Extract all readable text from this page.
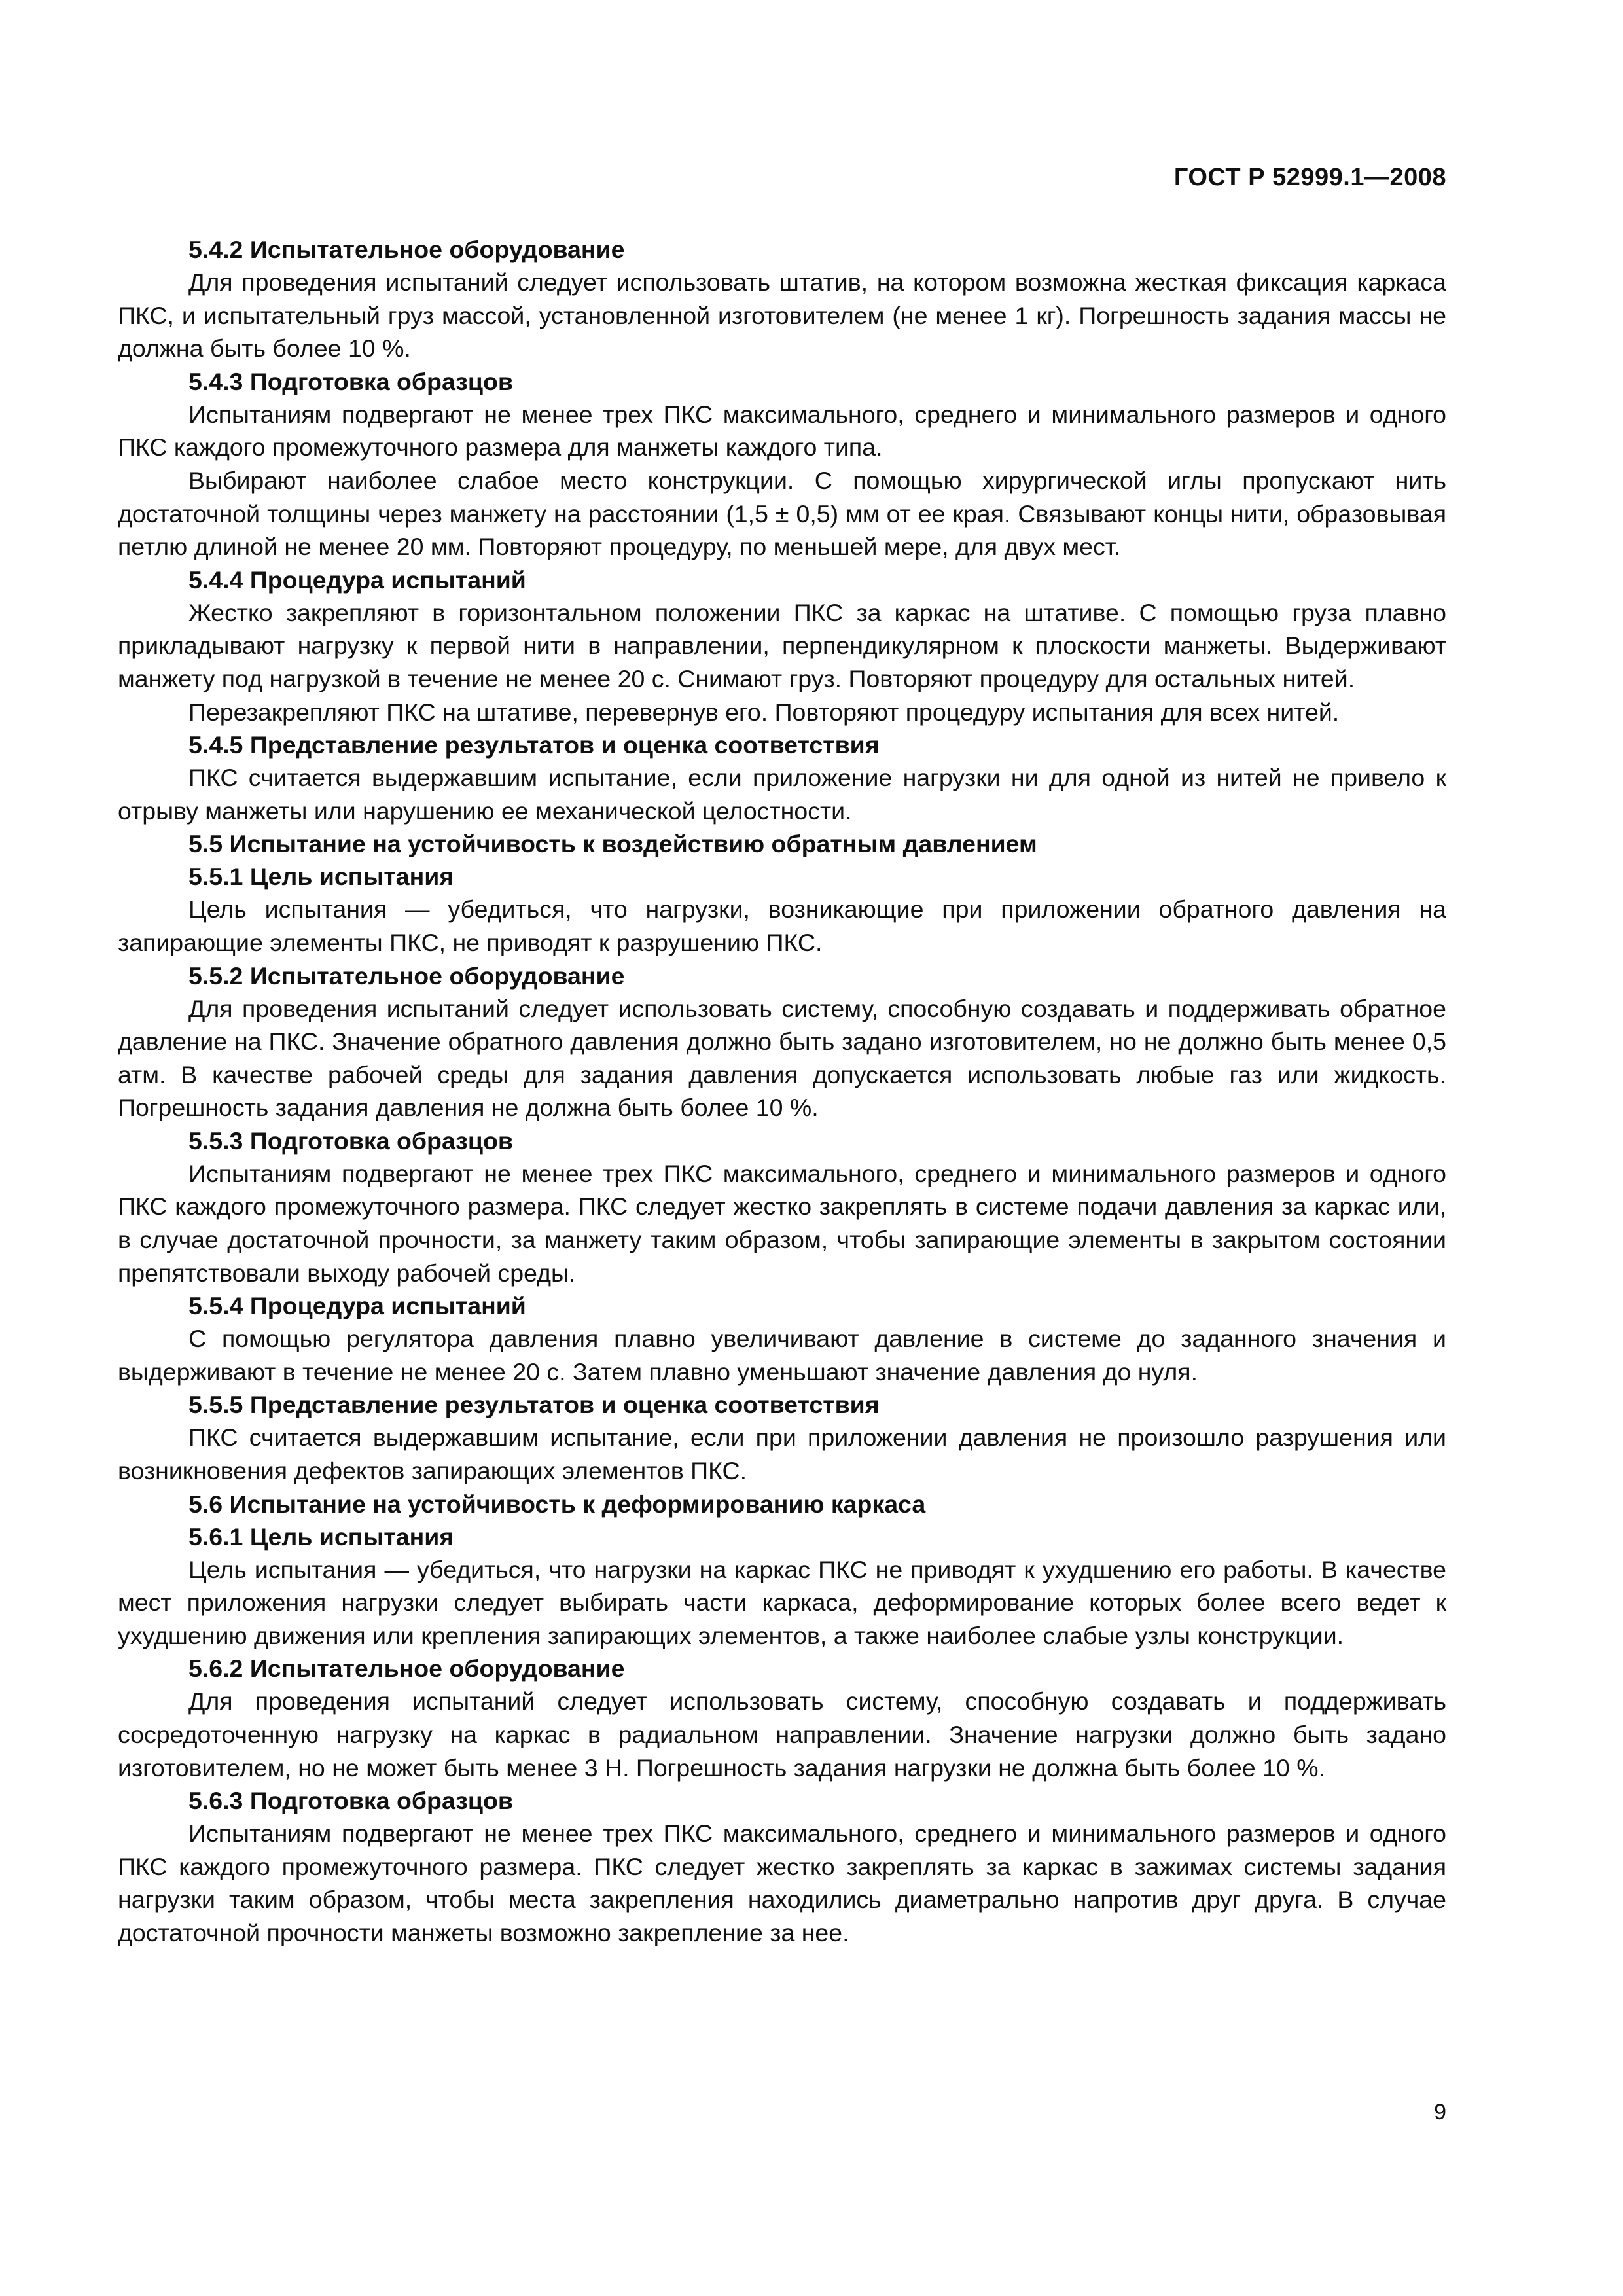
ГОСТ Р 52999.1—2008

5.4.2 Испытательное оборудование

Для проведения испытаний следует использовать штатив, на котором возможна жесткая фиксация каркаса ПКС, и испытательный груз массой, установленной изготовителем (не менее 1 кг). Погрешность задания массы не должна быть более 10 %.

5.4.3 Подготовка образцов

Испытаниям подвергают не менее трех ПКС максимального, среднего и минимального размеров и одного ПКС каждого промежуточного размера для манжеты каждого типа.

Выбирают наиболее слабое место конструкции. С помощью хирургической иглы пропускают нить достаточной толщины через манжету на расстоянии (1,5 ± 0,5) мм от ее края. Связывают концы нити, образовывая петлю длиной не менее 20 мм. Повторяют процедуру, по меньшей мере, для двух мест.

5.4.4 Процедура испытаний

Жестко закрепляют в горизонтальном положении ПКС за каркас на штативе. С помощью груза плавно прикладывают нагрузку к первой нити в направлении, перпендикулярном к плоскости манжеты. Выдерживают манжету под нагрузкой в течение не менее 20 с. Снимают груз. Повторяют процедуру для остальных нитей.

Перезакрепляют ПКС на штативе, перевернув его. Повторяют процедуру испытания для всех нитей.

5.4.5 Представление результатов и оценка соответствия

ПКС считается выдержавшим испытание, если приложение нагрузки ни для одной из нитей не привело к отрыву манжеты или нарушению ее механической целостности.

5.5 Испытание на устойчивость к воздействию обратным давлением

5.5.1 Цель испытания

Цель испытания — убедиться, что нагрузки, возникающие при приложении обратного давления на запирающие элементы ПКС, не приводят к разрушению ПКС.

5.5.2 Испытательное оборудование

Для проведения испытаний следует использовать систему, способную создавать и поддерживать обратное давление на ПКС. Значение обратного давления должно быть задано изготовителем, но не должно быть менее 0,5 атм. В качестве рабочей среды для задания давления допускается использовать любые газ или жидкость. Погрешность задания давления не должна быть более 10 %.

5.5.3 Подготовка образцов

Испытаниям подвергают не менее трех ПКС максимального, среднего и минимального размеров и одного ПКС каждого промежуточного размера. ПКС следует жестко закреплять в системе подачи давления за каркас или, в случае достаточной прочности, за манжету таким образом, чтобы запирающие элементы в закрытом состоянии препятствовали выходу рабочей среды.

5.5.4 Процедура испытаний

С помощью регулятора давления плавно увеличивают давление в системе до заданного значения и выдерживают в течение не менее 20 с. Затем плавно уменьшают значение давления до нуля.

5.5.5 Представление результатов и оценка соответствия

ПКС считается выдержавшим испытание, если при приложении давления не произошло разрушения или возникновения дефектов запирающих элементов ПКС.

5.6 Испытание на устойчивость к деформированию каркаса

5.6.1 Цель испытания

Цель испытания — убедиться, что нагрузки на каркас ПКС не приводят к ухудшению его работы. В качестве мест приложения нагрузки следует выбирать части каркаса, деформирование которых более всего ведет к ухудшению движения или крепления запирающих элементов, а также наиболее слабые узлы конструкции.

5.6.2 Испытательное оборудование

Для проведения испытаний следует использовать систему, способную создавать и поддерживать сосредоточенную нагрузку на каркас в радиальном направлении. Значение нагрузки должно быть задано изготовителем, но не может быть менее 3 Н. Погрешность задания нагрузки не должна быть более 10 %.

5.6.3 Подготовка образцов

Испытаниям подвергают не менее трех ПКС максимального, среднего и минимального размеров и одного ПКС каждого промежуточного размера. ПКС следует жестко закреплять за каркас в зажимах системы задания нагрузки таким образом, чтобы места закрепления находились диаметрально напротив друг друга. В случае достаточной прочности манжеты возможно закрепление за нее.

9
